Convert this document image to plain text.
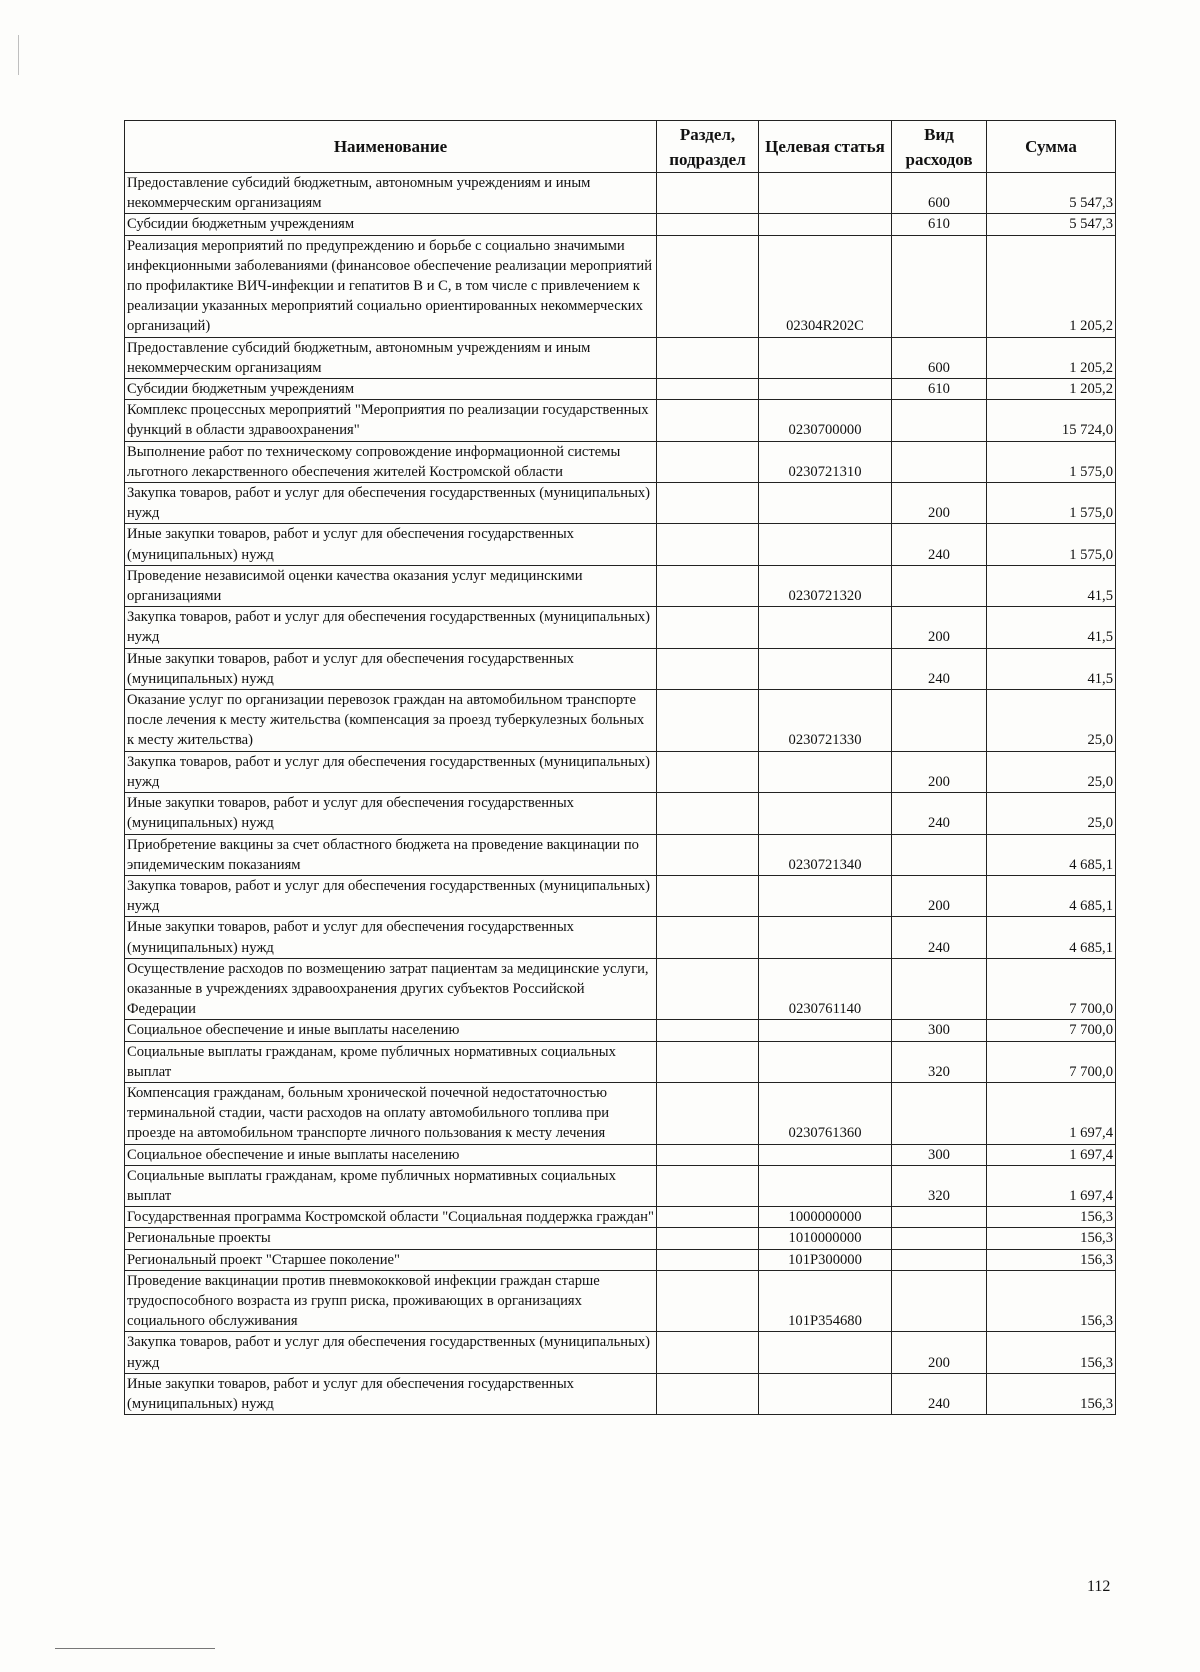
Наименование	Раздел, подраздел	Целевая статья	Вид расходов	Сумма
Предоставление субсидий бюджетным, автономным учреждениям и иным некоммерческим организациям			600	5 547,3
Субсидии бюджетным учреждениям			610	5 547,3
Реализация мероприятий по предупреждению и борьбе с социально значимыми инфекционными заболеваниями (финансовое обеспечение реализации мероприятий по профилактике ВИЧ-инфекции и гепатитов В и С, в том числе с привлечением к реализации указанных мероприятий социально ориентированных некоммерческих организаций)		02304R202С		1 205,2
Предоставление субсидий бюджетным, автономным учреждениям и иным некоммерческим организациям			600	1 205,2
Субсидии бюджетным учреждениям			610	1 205,2
Комплекс процессных мероприятий "Мероприятия по реализации государственных функций в области здравоохранения"		0230700000		15 724,0
Выполнение работ по техническому сопровождение информационной системы льготного лекарственного обеспечения жителей Костромской области		0230721310		1 575,0
Закупка товаров, работ и услуг для обеспечения государственных (муниципальных) нужд			200	1 575,0
Иные закупки товаров, работ и услуг для обеспечения государственных (муниципальных) нужд			240	1 575,0
Проведение независимой оценки качества оказания услуг медицинскими организациями		0230721320		41,5
Закупка товаров, работ и услуг для обеспечения государственных (муниципальных) нужд			200	41,5
Иные закупки товаров, работ и услуг для обеспечения государственных (муниципальных) нужд			240	41,5
Оказание услуг по организации перевозок граждан на автомобильном транспорте после лечения к месту жительства (компенсация за проезд туберкулезных больных к месту жительства)		0230721330		25,0
Закупка товаров, работ и услуг для обеспечения государственных (муниципальных) нужд			200	25,0
Иные закупки товаров, работ и услуг для обеспечения государственных (муниципальных) нужд			240	25,0
Приобретение вакцины за счет областного бюджета на проведение вакцинации по эпидемическим показаниям		0230721340		4 685,1
Закупка товаров, работ и услуг для обеспечения государственных (муниципальных) нужд			200	4 685,1
Иные закупки товаров, работ и услуг для обеспечения государственных (муниципальных) нужд			240	4 685,1
Осуществление расходов по возмещению затрат пациентам за медицинские услуги, оказанные в учреждениях здравоохранения других субъектов Российской Федерации		0230761140		7 700,0
Социальное обеспечение и иные выплаты населению			300	7 700,0
Социальные выплаты гражданам, кроме публичных нормативных социальных выплат			320	7 700,0
Компенсация гражданам, больным хронической почечной недостаточностью терминальной стадии, части расходов на оплату автомобильного топлива при проезде на автомобильном транспорте личного пользования к месту лечения		0230761360		1 697,4
Социальное обеспечение и иные выплаты населению			300	1 697,4
Социальные выплаты гражданам, кроме публичных нормативных социальных выплат			320	1 697,4
Государственная программа Костромской области "Социальная поддержка граждан"		1000000000		156,3
Региональные проекты		1010000000		156,3
Региональный проект "Старшее поколение"		101Р300000		156,3
Проведение вакцинации против пневмококковой инфекции граждан старше трудоспособного возраста из групп риска, проживающих в организациях социального обслуживания		101Р354680		156,3
Закупка товаров, работ и услуг для обеспечения государственных (муниципальных) нужд			200	156,3
Иные закупки товаров, работ и услуг для обеспечения государственных (муниципальных) нужд			240	156,3
112
